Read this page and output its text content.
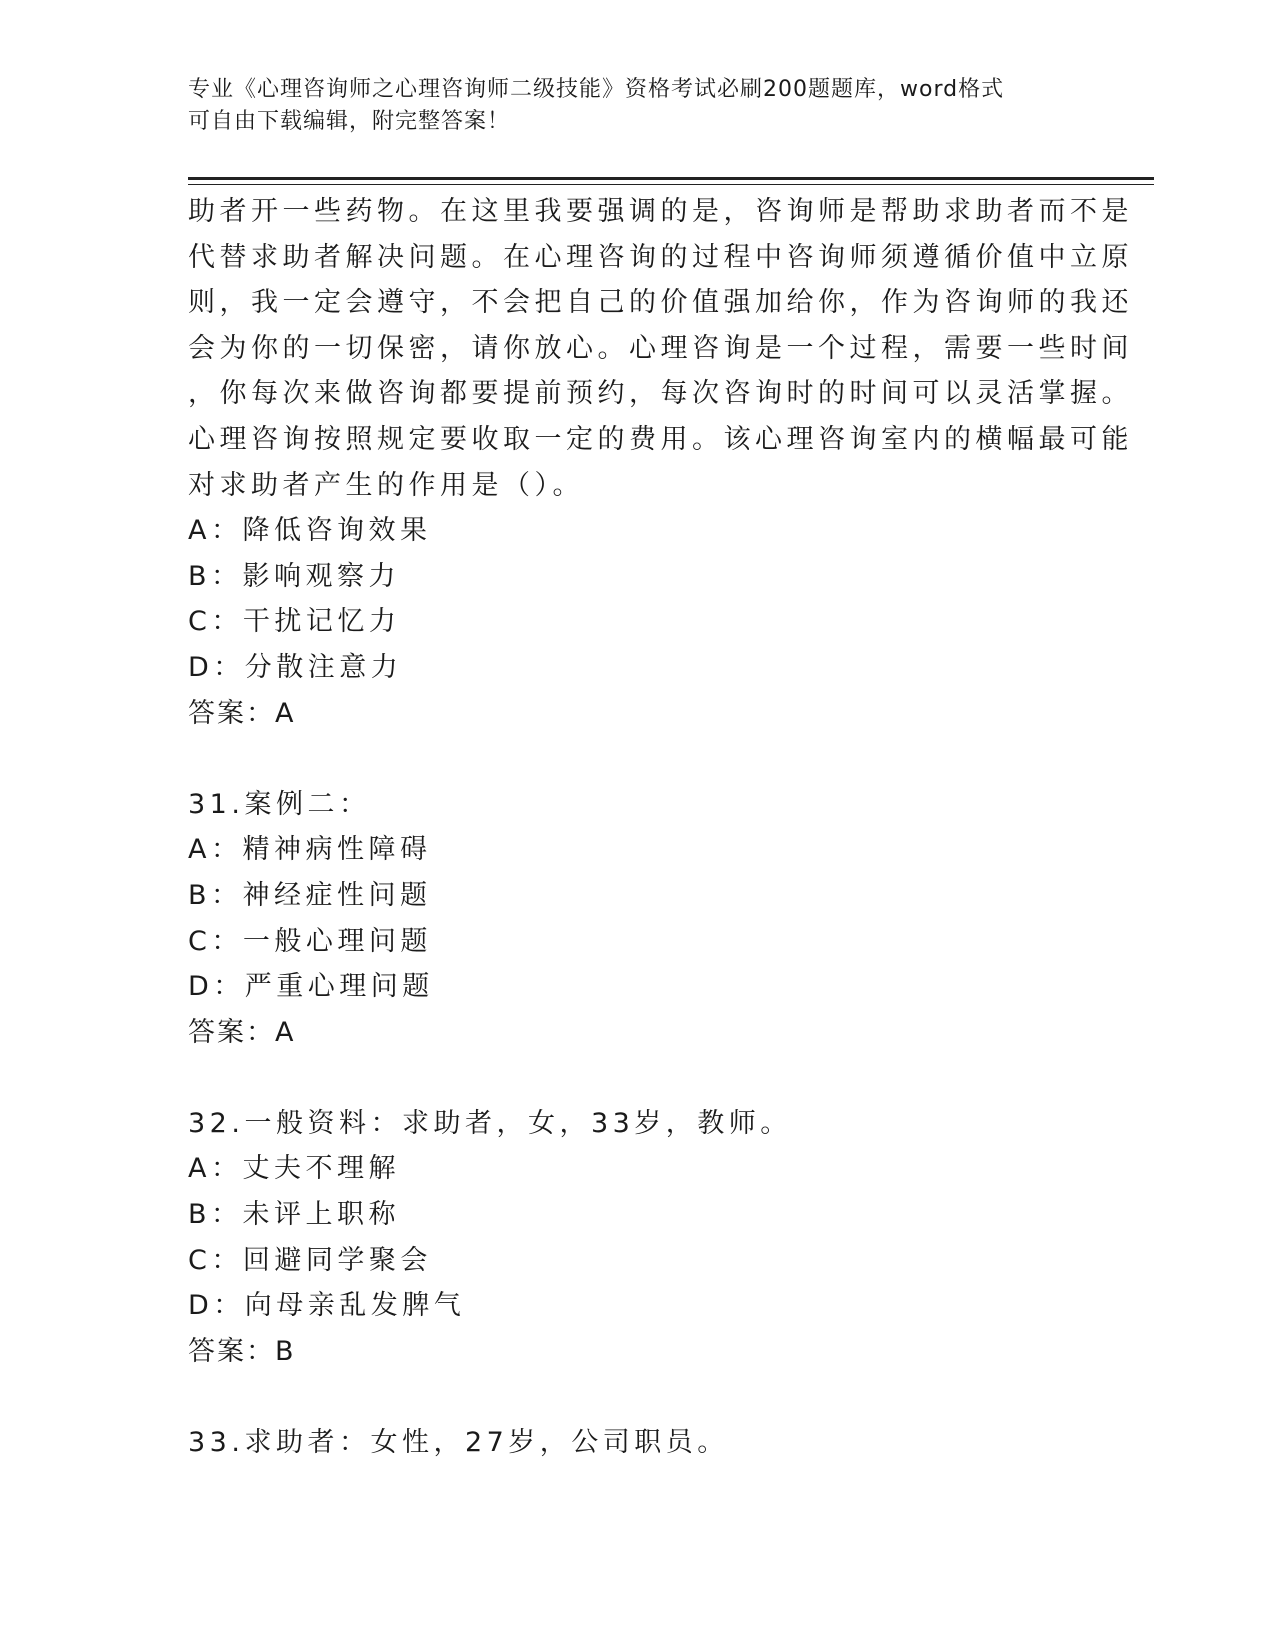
专业《心理咨询师之心理咨询师二级技能》资格考试必刷200题题库，word格式
可自由下载编辑，附完整答案！

助者开一些药物。在这里我要强调的是，咨询师是帮助求助者而不是
代替求助者解决问题。在心理咨询的过程中咨询师须遵循价值中立原
则，我一定会遵守，不会把自己的价值强加给你，作为咨询师的我还
会为你的一切保密，请你放心。心理咨询是一个过程，需要一些时间
，你每次来做咨询都要提前预约，每次咨询时的时间可以灵活掌握。
心理咨询按照规定要收取一定的费用。该心理咨询室内的横幅最可能
对求助者产生的作用是（）。

A：降低咨询效果
B：影响观察力
C：干扰记忆力
D：分散注意力
答案：A
31.案例二：
A：精神病性障碍
B：神经症性问题
C：一般心理问题
D：严重心理问题
答案：A
32.一般资料：求助者，女，33岁，教师。
A：丈夫不理解
B：未评上职称
C：回避同学聚会
D：向母亲乱发脾气
答案：B
33.求助者：女性，27岁，公司职员。
